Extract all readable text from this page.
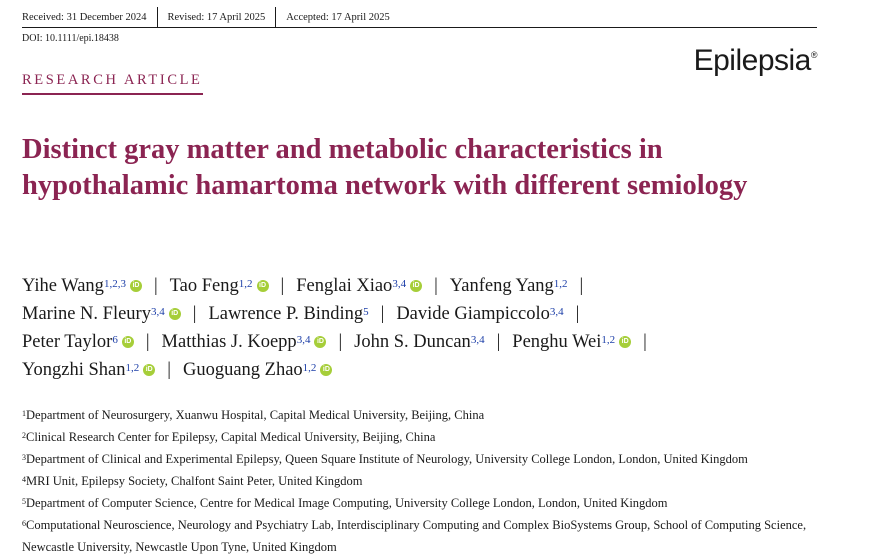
Received: 31 December 2024	Revised: 17 April 2025	Accepted: 17 April 2025
DOI: 10.1111/epi.18438
Epilepsia®
RESEARCH ARTICLE
Distinct gray matter and metabolic characteristics in hypothalamic hamartoma network with different semiology
Yihe Wang$^{1,2,3}$ iD | Tao Feng$^{1,2}$ iD | Fenglai Xiao$^{3,4}$ iD | Yanfeng Yang$^{1,2}$ |
Marine N. Fleury$^{3,4}$ iD | Lawrence P. Binding$^5$ | Davide Giampiccolo$^{3,4}$ |
Peter Taylor$^6$ iD | Matthias J. Koepp$^{3,4}$ iD | John S. Duncan$^{3,4}$ | Penghu Wei$^{1,2}$ iD |
Yongzhi Shan$^{1,2}$ iD | Guoguang Zhao$^{1,2}$ iD
$^1$Department of Neurosurgery, Xuanwu Hospital, Capital Medical University, Beijing, China
$^2$Clinical Research Center for Epilepsy, Capital Medical University, Beijing, China
$^3$Department of Clinical and Experimental Epilepsy, Queen Square Institute of Neurology, University College London, London, United Kingdom
$^4$MRI Unit, Epilepsy Society, Chalfont Saint Peter, United Kingdom
$^5$Department of Computer Science, Centre for Medical Image Computing, University College London, London, United Kingdom
$^6$Computational Neuroscience, Neurology and Psychiatry Lab, Interdisciplinary Computing and Complex BioSystems Group, School of Computing Science, Newcastle University, Newcastle Upon Tyne, United Kingdom
